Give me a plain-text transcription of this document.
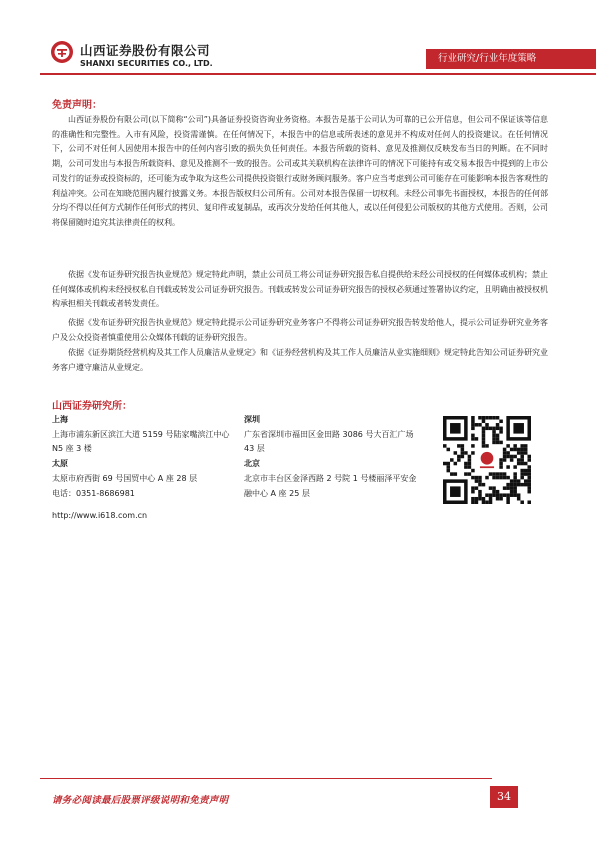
山西证券股份有限公司
SHANXI SECURITIES CO., LTD.	行业研究/行业年度策略
免责声明：

山西证券股份有限公司(以下简称“公司”)具备证券投资咨询业务资格。本报告是基于公司认为可靠的已公开信息，但公司不保证该等信息的准确性和完整性。入市有风险，投资需谨慎。在任何情况下，本报告中的信息或所表述的意见并不构成对任何人的投资建议。在任何情况下，公司不对任何人因使用本报告中的任何内容引致的损失负任何责任。本报告所载的资料、意见及推测仅反映发布当日的判断。在不同时期，公司可发出与本报告所载资料、意见及推测不一致的报告。公司或其关联机构在法律许可的情况下可能持有或交易本报告中提到的上市公司发行的证券或投资标的，还可能为或争取为这些公司提供投资银行或财务顾问服务。客户应当考虑到公司可能存在可能影响本报告客观性的利益冲突。公司在知晓范围内履行披露义务。本报告版权归公司所有。公司对本报告保留一切权利。未经公司事先书面授权，本报告的任何部分均不得以任何方式制作任何形式的拷贝、复印件或复制品，或再次分发给任何其他人，或以任何侵犯公司版权的其他方式使用。否则，公司将保留随时追究其法律责任的权利。

依据《发布证券研究报告执业规范》规定特此声明，禁止公司员工将公司证券研究报告私自提供给未经公司授权的任何媒体或机构；禁止任何媒体或机构未经授权私自刊载或转发公司证券研究报告。刊载或转发公司证券研究报告的授权必须通过签署协议约定，且明确由被授权机构承担相关刊载或者转发责任。

依据《发布证券研究报告执业规范》规定特此提示公司证券研究业务客户不得将公司证券研究报告转发给他人，提示公司证券研究业务客户及公众投资者慎重使用公众媒体刊载的证券研究报告。

依据《证券期货经营机构及其工作人员廉洁从业规定》和《证券经营机构及其工作人员廉洁从业实施细则》规定特此告知公司证券研究业务客户遵守廉洁从业规定。

山西证券研究所：
上海
上海市浦东新区滨江大道 5159 号陆家嘴滨江中心 N5 座 3 楼
太原
太原市府西街 69 号国贸中心 A 座 28 层
电话：0351-8686981
深圳
广东省深圳市福田区金田路 3086 号大百汇广场 43 层
北京
北京市丰台区金泽西路 2 号院 1 号楼丽泽平安金融中心 A 座 25 层
http://www.i618.com.cn
请务必阅读最后股票评级说明和免责声明	34
